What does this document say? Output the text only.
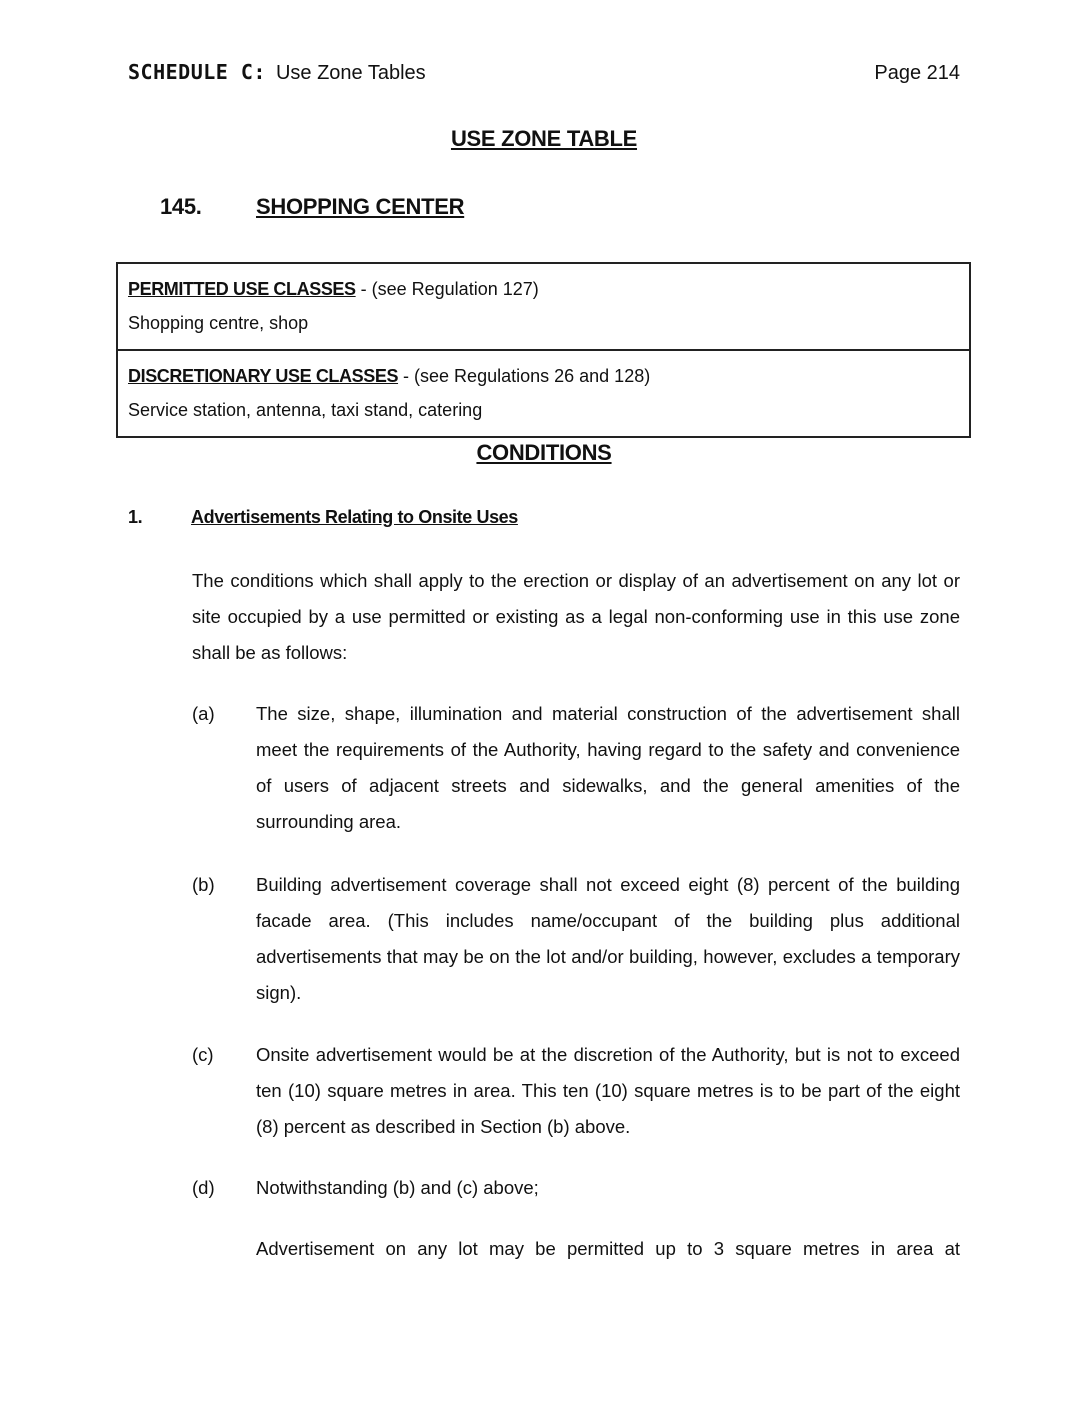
SCHEDULE C: Use Zone Tables	Page 214
USE ZONE TABLE
145. SHOPPING CENTER
PERMITTED USE CLASSES - (see Regulation 127)
Shopping centre, shop
DISCRETIONARY USE CLASSES - (see Regulations 26 and 128)
Service station, antenna, taxi stand, catering
CONDITIONS
1.	Advertisements Relating to Onsite Uses

The conditions which shall apply to the erection or display of an advertisement on any lot or site occupied by a use permitted or existing as a legal non-conforming use in this use zone shall be as follows:

(a)	The size, shape, illumination and material construction of the advertisement shall meet the requirements of the Authority, having regard to the safety and convenience of users of adjacent streets and sidewalks, and the general amenities of the surrounding area.

(b)	Building advertisement coverage shall not exceed eight (8) percent of the building facade area. (This includes name/occupant of the building plus additional advertisements that may be on the lot and/or building, however, excludes a temporary sign).

(c)	Onsite advertisement would be at the discretion of the Authority, but is not to exceed ten (10) square metres in area. This ten (10) square metres is to be part of the eight (8) percent as described in Section (b) above.

(d)	Notwithstanding (b) and (c) above;

Advertisement on any lot may be permitted up to 3 square metres in area at
